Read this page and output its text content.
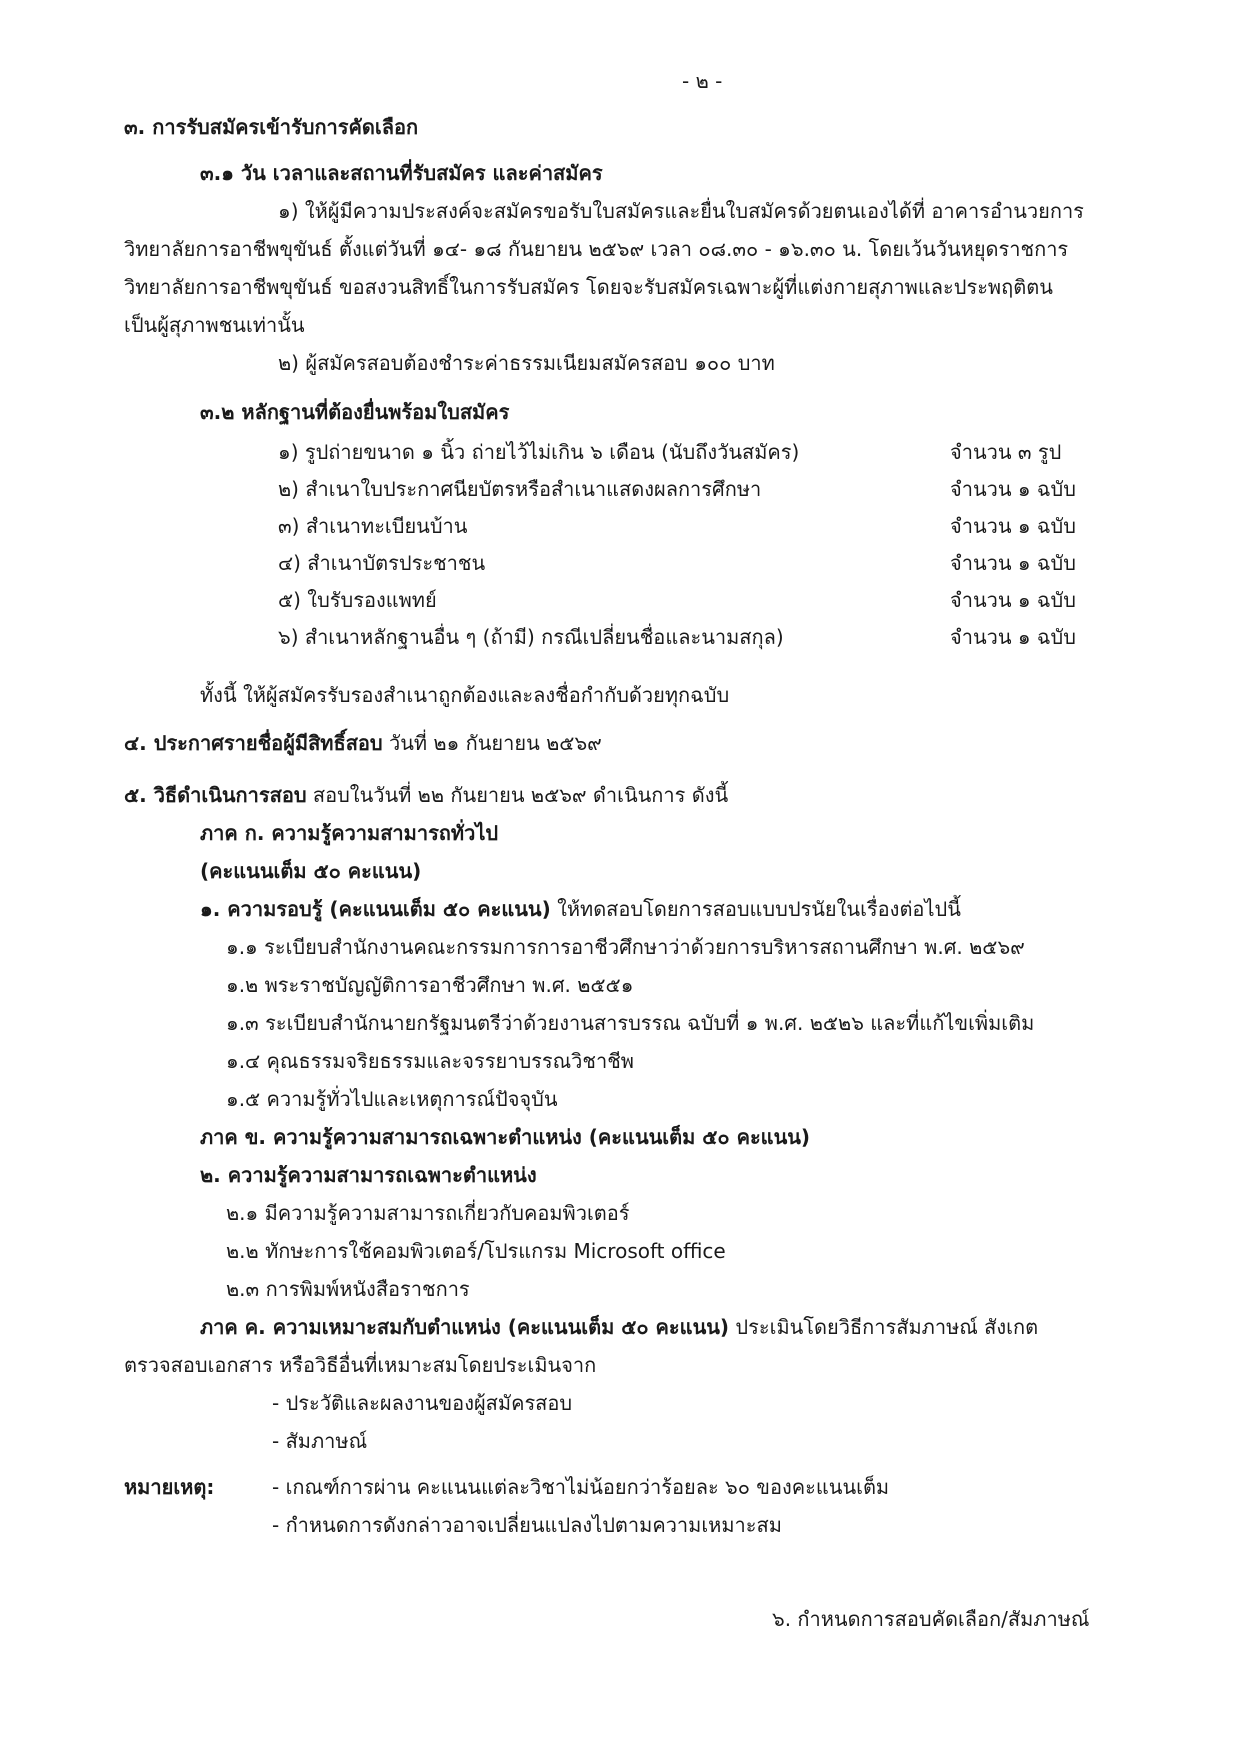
- ๒ -
๓. การรับสมัครเข้ารับการคัดเลือก
๓.๑ วัน เวลาและสถานที่รับสมัคร และค่าสมัคร
๑) ให้ผู้มีความประสงค์จะสมัครขอรับใบสมัครและยื่นใบสมัครด้วยตนเองได้ที่ อาคารอำนวยการ
วิทยาลัยการอาชีพขุขันธ์ ตั้งแต่วันที่ ๑๔- ๑๘ กันยายน ๒๕๖๙ เวลา ๐๘.๓๐ - ๑๖.๓๐ น. โดยเว้นวันหยุดราชการ
วิทยาลัยการอาชีพขุขันธ์ ขอสงวนสิทธิ์ในการรับสมัคร โดยจะรับสมัครเฉพาะผู้ที่แต่งกายสุภาพและประพฤติตน
เป็นผู้สุภาพชนเท่านั้น
๒) ผู้สมัครสอบต้องชำระค่าธรรมเนียมสมัครสอบ ๑๐๐ บาท
๓.๒ หลักฐานที่ต้องยื่นพร้อมใบสมัคร
๑) รูปถ่ายขนาด ๑ นิ้ว ถ่ายไว้ไม่เกิน ๖ เดือน (นับถึงวันสมัคร)	จำนวน ๓ รูป
๒) สำเนาใบประกาศนียบัตรหรือสำเนาแสดงผลการศึกษา	จำนวน ๑ ฉบับ
๓) สำเนาทะเบียนบ้าน	จำนวน ๑ ฉบับ
๔) สำเนาบัตรประชาชน	จำนวน ๑ ฉบับ
๕) ใบรับรองแพทย์	จำนวน ๑ ฉบับ
๖) สำเนาหลักฐานอื่น ๆ (ถ้ามี) กรณีเปลี่ยนชื่อและนามสกุล)	จำนวน ๑ ฉบับ
ทั้งนี้ ให้ผู้สมัครรับรองสำเนาถูกต้องและลงชื่อกำกับด้วยทุกฉบับ
๔. ประกาศรายชื่อผู้มีสิทธิ์สอบ วันที่ ๒๑ กันยายน ๒๕๖๙
๕. วิธีดำเนินการสอบ สอบในวันที่ ๒๒ กันยายน ๒๕๖๙ ดำเนินการ ดังนี้
ภาค ก. ความรู้ความสามารถทั่วไป
(คะแนนเต็ม ๕๐ คะแนน)
๑. ความรอบรู้ (คะแนนเต็ม ๕๐ คะแนน) ให้ทดสอบโดยการสอบแบบปรนัยในเรื่องต่อไปนี้
๑.๑ ระเบียบสำนักงานคณะกรรมการการอาชีวศึกษาว่าด้วยการบริหารสถานศึกษา พ.ศ. ๒๕๖๙
๑.๒ พระราชบัญญัติการอาชีวศึกษา พ.ศ. ๒๕๕๑
๑.๓ ระเบียบสำนักนายกรัฐมนตรีว่าด้วยงานสารบรรณ ฉบับที่ ๑ พ.ศ. ๒๕๒๖ และที่แก้ไขเพิ่มเติม
๑.๔ คุณธรรมจริยธรรมและจรรยาบรรณวิชาชีพ
๑.๕ ความรู้ทั่วไปและเหตุการณ์ปัจจุบัน
ภาค ข. ความรู้ความสามารถเฉพาะตำแหน่ง (คะแนนเต็ม ๕๐ คะแนน)
๒. ความรู้ความสามารถเฉพาะตำแหน่ง
๒.๑ มีความรู้ความสามารถเกี่ยวกับคอมพิวเตอร์
๒.๒ ทักษะการใช้คอมพิวเตอร์/โปรแกรม Microsoft office
๒.๓ การพิมพ์หนังสือราชการ
ภาค ค. ความเหมาะสมกับตำแหน่ง (คะแนนเต็ม ๕๐ คะแนน) ประเมินโดยวิธีการสัมภาษณ์ สังเกต
ตรวจสอบเอกสาร หรือวิธีอื่นที่เหมาะสมโดยประเมินจาก
- ประวัติและผลงานของผู้สมัครสอบ
- สัมภาษณ์
หมายเหตุ:	- เกณฑ์การผ่าน คะแนนแต่ละวิชาไม่น้อยกว่าร้อยละ ๖๐ ของคะแนนเต็ม
- กำหนดการดังกล่าวอาจเปลี่ยนแปลงไปตามความเหมาะสม
๖. กำหนดการสอบคัดเลือก/สัมภาษณ์
